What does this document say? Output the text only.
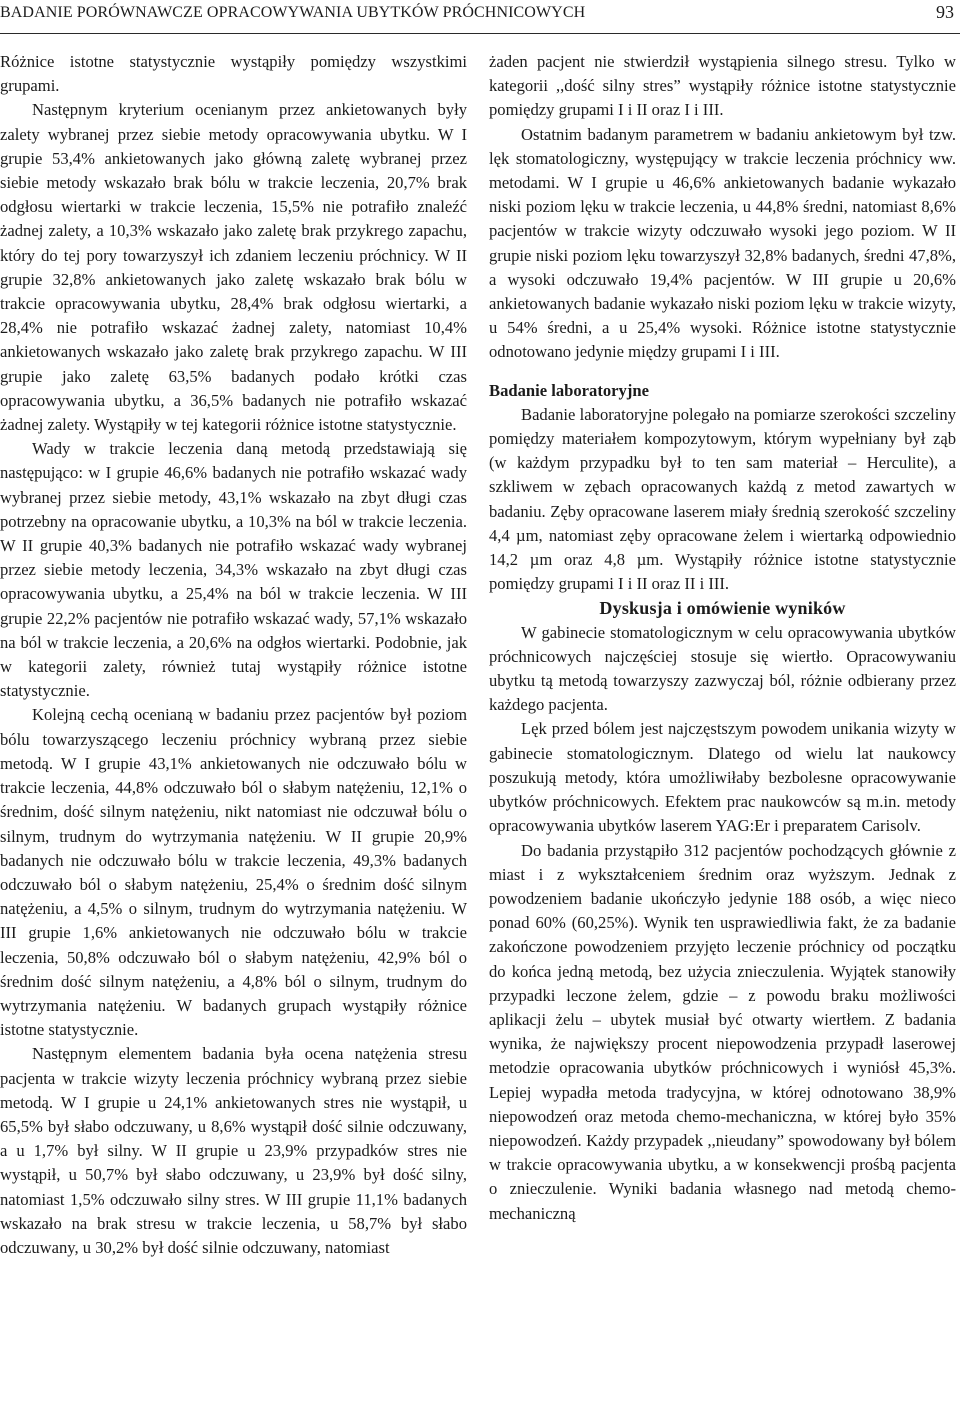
BADANIE PORÓWNAWCZE OPRACOWYWANIA UBYTKÓW PRÓCHNICOWYCH	93

Różnice istotne statystycznie wystąpiły pomiędzy wszystkimi grupami.

Następnym kryterium ocenianym przez ankietowanych były zalety wybranej przez siebie metody opracowywania ubytku. W I grupie 53,4% ankietowanych jako główną zaletę wybranej przez siebie metody wskazało brak bólu w trakcie leczenia, 20,7% brak odgłosu wiertarki w trakcie leczenia, 15,5% nie potrafiło znaleźć żadnej zalety, a 10,3% wskazało jako zaletę brak przykrego zapachu, który do tej pory towarzyszył ich zdaniem leczeniu próchnicy. W II grupie 32,8% ankietowanych jako zaletę wskazało brak bólu w trakcie opracowywania ubytku, 28,4% brak odgłosu wiertarki, a 28,4% nie potrafiło wskazać żadnej zalety, natomiast 10,4% ankietowanych wskazało jako zaletę brak przykrego zapachu. W III grupie jako zaletę 63,5% badanych podało krótki czas opracowywania ubytku, a 36,5% badanych nie potrafiło wskazać żadnej zalety. Wystąpiły w tej kategorii różnice istotne statystycznie.

Wady w trakcie leczenia daną metodą przedstawiają się następująco: w I grupie 46,6% badanych nie potrafiło wskazać wady wybranej przez siebie metody, 43,1% wskazało na zbyt długi czas potrzebny na opracowanie ubytku, a 10,3% na ból w trakcie leczenia. W II grupie 40,3% badanych nie potrafiło wskazać wady wybranej przez siebie metody leczenia, 34,3% wskazało na zbyt długi czas opracowywania ubytku, a 25,4% na ból w trakcie leczenia. W III grupie 22,2% pacjentów nie potrafiło wskazać wady, 57,1% wskazało na ból w trakcie leczenia, a 20,6% na odgłos wiertarki. Podobnie, jak w kategorii zalety, również tutaj wystąpiły różnice istotne statystycznie.

Kolejną cechą ocenianą w badaniu przez pacjentów był poziom bólu towarzyszącego leczeniu próchnicy wybraną przez siebie metodą. W I grupie 43,1% ankietowanych nie odczuwało bólu w trakcie leczenia, 44,8% odczuwało ból o słabym natężeniu, 12,1% o średnim, dość silnym natężeniu, nikt natomiast nie odczuwał bólu o silnym, trudnym do wytrzymania natężeniu. W II grupie 20,9% badanych nie odczuwało bólu w trakcie leczenia, 49,3% badanych odczuwało ból o słabym natężeniu, 25,4% o średnim dość silnym natężeniu, a 4,5% o silnym, trudnym do wytrzymania natężeniu. W III grupie 1,6% ankietowanych nie odczuwało bólu w trakcie leczenia, 50,8% odczuwało ból o słabym natężeniu, 42,9% ból o średnim dość silnym natężeniu, a 4,8% ból o silnym, trudnym do wytrzymania natężeniu. W badanych grupach wystąpiły różnice istotne statystycznie.

Następnym elementem badania była ocena natężenia stresu pacjenta w trakcie wizyty leczenia próchnicy wybraną przez siebie metodą. W I grupie u 24,1% ankietowanych stres nie wystąpił, u 65,5% był słabo odczuwany, u 8,6% wystąpił dość silnie odczuwany, a u 1,7% był silny. W II grupie u 23,9% przypadków stres nie wystąpił, u 50,7% był słabo odczuwany, u 23,9% był dość silny, natomiast 1,5% odczuwało silny stres. W III grupie 11,1% badanych wskazało na brak stresu w trakcie leczenia, u 58,7% był słabo odczuwany, u 30,2% był dość silnie odczuwany, natomiast

żaden pacjent nie stwierdził wystąpienia silnego stresu. Tylko w kategorii ,,dość silny stres” wystąpiły różnice istotne statystycznie pomiędzy grupami I i II oraz I i III.

Ostatnim badanym parametrem w badaniu ankietowym był tzw. lęk stomatologiczny, występujący w trakcie leczenia próchnicy ww. metodami. W I grupie u 46,6% ankietowanych badanie wykazało niski poziom lęku w trakcie leczenia, u 44,8% średni, natomiast 8,6% pacjentów w trakcie wizyty odczuwało wysoki jego poziom. W II grupie niski poziom lęku towarzyszył 32,8% badanych, średni 47,8%, a wysoki odczuwało 19,4% pacjentów. W III grupie u 20,6% ankietowanych badanie wykazało niski poziom lęku w trakcie wizyty, u 54% średni, a u 25,4% wysoki. Różnice istotne statystycznie odnotowano jedynie między grupami I i III.

Badanie laboratoryjne

Badanie laboratoryjne polegało na pomiarze szerokości szczeliny pomiędzy materiałem kompozytowym, którym wypełniany był ząb (w każdym przypadku był to ten sam materiał – Herculite), a szkliwem w zębach opracowanych każdą z metod zawartych w badaniu. Zęby opracowane laserem miały średnią szerokość szczeliny 4,4 µm, natomiast zęby opracowane żelem i wiertarką odpowiednio 14,2 µm oraz 4,8 µm. Wystąpiły różnice istotne statystycznie pomiędzy grupami I i II oraz II i III.

Dyskusja i omówienie wyników

W gabinecie stomatologicznym w celu opracowywania ubytków próchnicowych najczęściej stosuje się wiertło. Opracowywaniu ubytku tą metodą towarzyszy zazwyczaj ból, różnie odbierany przez każdego pacjenta.

Lęk przed bólem jest najczęstszym powodem unikania wizyty w gabinecie stomatologicznym. Dlatego od wielu lat naukowcy poszukują metody, która umożliwiłaby bezbolesne opracowywanie ubytków próchnicowych. Efektem prac naukowców są m.in. metody opracowywania ubytków laserem YAG:Er i preparatem Carisolv.

Do badania przystąpiło 312 pacjentów pochodzących głównie z miast i z wykształceniem średnim oraz wyższym. Jednak z powodzeniem badanie ukończyło jedynie 188 osób, a więc nieco ponad 60% (60,25%). Wynik ten usprawiedliwia fakt, że za badanie zakończone powodzeniem przyjęto leczenie próchnicy od początku do końca jedną metodą, bez użycia znieczulenia. Wyjątek stanowiły przypadki leczone żelem, gdzie – z powodu braku możliwości aplikacji żelu – ubytek musiał być otwarty wiertłem. Z badania wynika, że największy procent niepowodzenia przypadł laserowej metodzie opracowania ubytków próchnicowych i wyniósł 45,3%. Lepiej wypadła metoda tradycyjna, w której odnotowano 38,9% niepowodzeń oraz metoda chemo-mechaniczna, w której było 35% niepowodzeń. Każdy przypadek ,,nieudany” spowodowany był bólem w trakcie opracowywania ubytku, a w konsekwencji prośbą pacjenta o znieczulenie. Wyniki badania własnego nad metodą chemo-mechaniczną
